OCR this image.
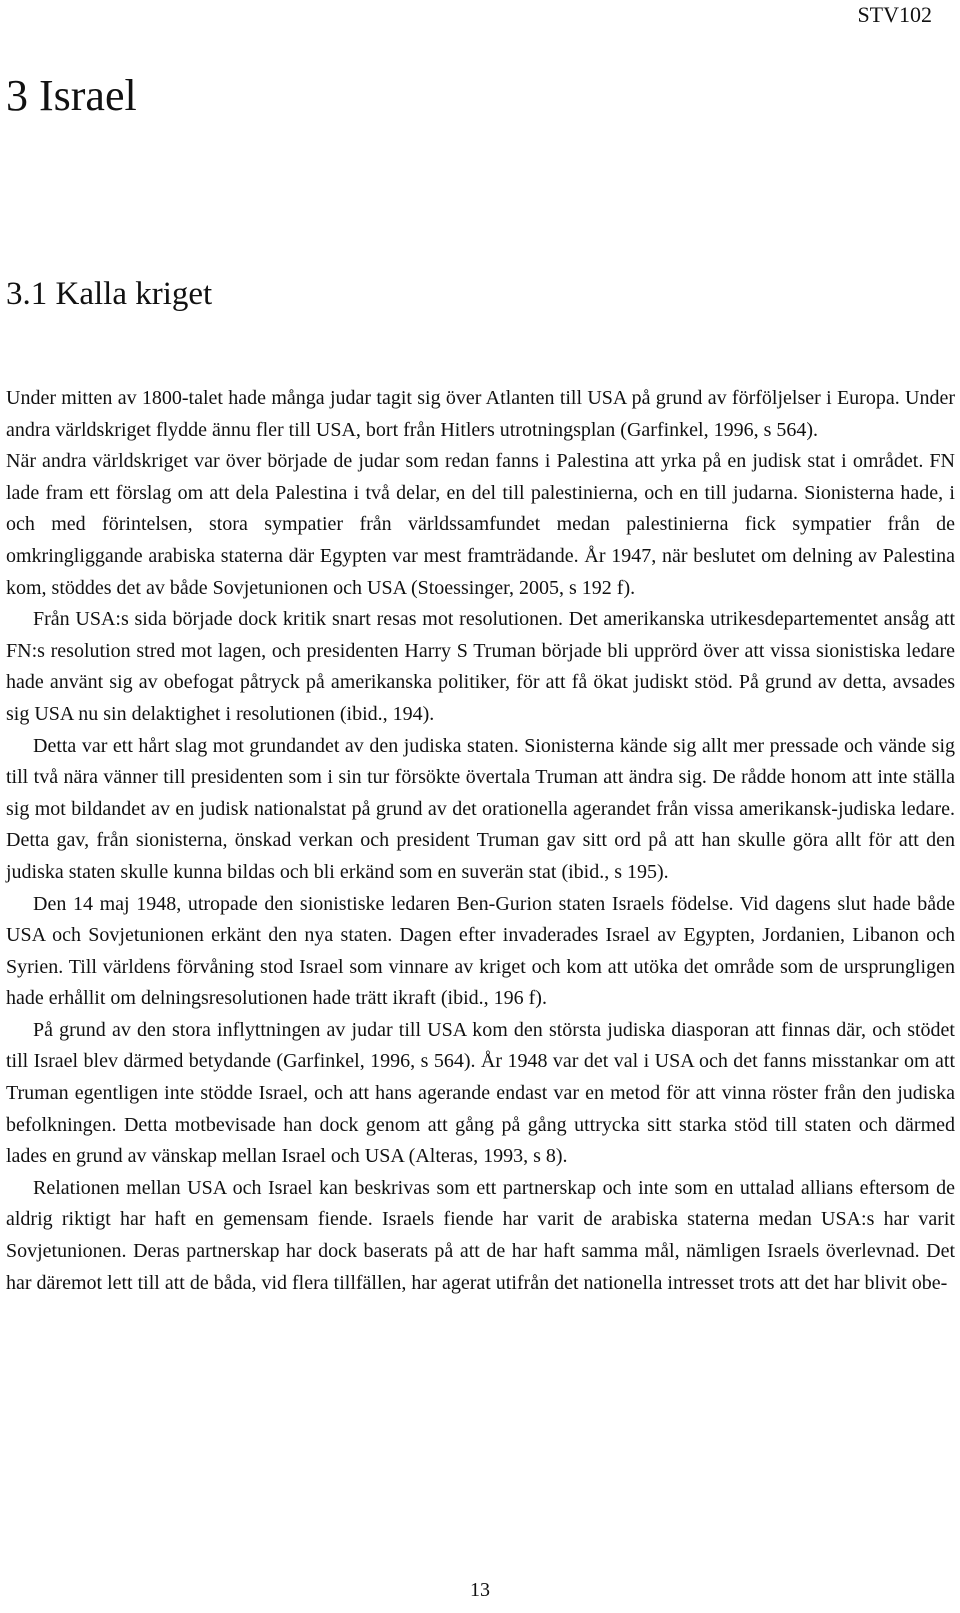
STV102
3 Israel
3.1 Kalla kriget

Under mitten av 1800-talet hade många judar tagit sig över Atlanten till USA på grund av förföljelser i Europa. Under andra världskriget flydde ännu fler till USA, bort från Hitlers utrotningsplan (Garfinkel, 1996, s 564).

När andra världskriget var över började de judar som redan fanns i Palestina att yrka på en judisk stat i området. FN lade fram ett förslag om att dela Palestina i två delar, en del till palestinierna, och en till judarna. Sionisterna hade, i och med förintelsen, stora sympatier från världssamfundet medan palestinierna fick sympatier från de omkringliggande arabiska staterna där Egypten var mest framträdande. År 1947, när beslutet om delning av Palestina kom, stöddes det av både Sovjetunionen och USA (Stoessinger, 2005, s 192 f).

Från USA:s sida började dock kritik snart resas mot resolutionen. Det amerikanska utrikesdepartementet ansåg att FN:s resolution stred mot lagen, och presidenten Harry S Truman började bli upprörd över att vissa sionistiska ledare hade använt sig av obefogat påtryck på amerikanska politiker, för att få ökat judiskt stöd. På grund av detta, avsades sig USA nu sin delaktighet i resolutionen (ibid., 194).

Detta var ett hårt slag mot grundandet av den judiska staten. Sionisterna kände sig allt mer pressade och vände sig till två nära vänner till presidenten som i sin tur försökte övertala Truman att ändra sig. De rådde honom att inte ställa sig mot bildandet av en judisk nationalstat på grund av det orationella agerandet från vissa amerikansk-judiska ledare. Detta gav, från sionisterna, önskad verkan och president Truman gav sitt ord på att han skulle göra allt för att den judiska staten skulle kunna bildas och bli erkänd som en suverän stat (ibid., s 195).

Den 14 maj 1948, utropade den sionistiske ledaren Ben-Gurion staten Israels födelse. Vid dagens slut hade både USA och Sovjetunionen erkänt den nya staten. Dagen efter invaderades Israel av Egypten, Jordanien, Libanon och Syrien. Till världens förvåning stod Israel som vinnare av kriget och kom att utöka det område som de ursprungligen hade erhållit om delningsresolutionen hade trätt ikraft (ibid., 196 f).

På grund av den stora inflyttningen av judar till USA kom den största judiska diasporan att finnas där, och stödet till Israel blev därmed betydande (Garfinkel, 1996, s 564). År 1948 var det val i USA och det fanns misstankar om att Truman egentligen inte stödde Israel, och att hans agerande endast var en metod för att vinna röster från den judiska befolkningen. Detta motbevisade han dock genom att gång på gång uttrycka sitt starka stöd till staten och därmed lades en grund av vänskap mellan Israel och USA (Alteras, 1993, s 8).

Relationen mellan USA och Israel kan beskrivas som ett partnerskap och inte som en uttalad allians eftersom de aldrig riktigt har haft en gemensam fiende. Israels fiende har varit de arabiska staterna medan USA:s har varit Sovjetunionen. Deras partnerskap har dock baserats på att de har haft samma mål, nämligen Israels överlevnad. Det har däremot lett till att de båda, vid flera tillfällen, har agerat utifrån det nationella intresset trots att det har blivit obe-

13
